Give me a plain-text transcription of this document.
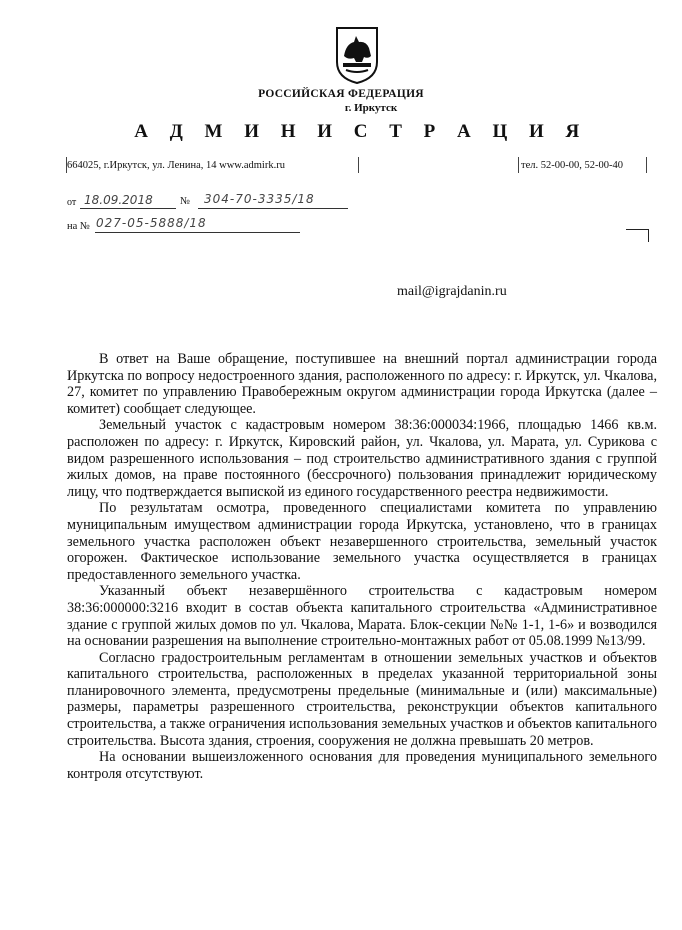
РОССИЙСКАЯ ФЕДЕРАЦИЯ
г. Иркутск
А Д М И Н И С Т Р А Ц И Я
664025, г.Иркутск, ул. Ленина, 14 www.admirk.ru	тел. 52-00-00, 52-00-40
от 18.09.2018	№ 304-70-3335/18
на № 027-05-5888/18
mail@igrajdanin.ru

В ответ на Ваше обращение, поступившее на внешний портал администрации города Иркутска по вопросу недостроенного здания, расположенного по адресу: г. Иркутск, ул. Чкалова, 27, комитет по управлению Правобережным округом администрации города Иркутска (далее – комитет) сообщает следующее.

Земельный участок с кадастровым номером 38:36:000034:1966, площадью 1466 кв.м. расположен по адресу: г. Иркутск, Кировский район, ул. Чкалова, ул. Марата, ул. Сурикова с видом разрешенного использования – под строительство административного здания с группой жилых домов, на праве постоянного (бессрочного) пользования принадлежит юридическому лицу, что подтверждается выпиской из единого государственного реестра недвижимости.

По результатам осмотра, проведенного специалистами комитета по управлению муниципальным имуществом администрации города Иркутска, установлено, что в границах земельного участка расположен объект незавершенного строительства, земельный участок огорожен. Фактическое использование земельного участка осуществляется в границах предоставленного земельного участка.

Указанный объект незавершённого строительства с кадастровым номером 38:36:000000:3216 входит в состав объекта капитального строительства «Административное здание с группой жилых домов по ул. Чкалова, Марата. Блок-секции №№ 1-1, 1-6» и возводился на основании разрешения на выполнение строительно-монтажных работ от 05.08.1999 №13/99.

Согласно градостроительным регламентам в отношении земельных участков и объектов капитального строительства, расположенных в пределах указанной территориальной зоны планировочного элемента, предусмотрены предельные (минимальные и (или) максимальные) размеры, параметры разрешенного строительства, реконструкции объектов капитального строительства, а также ограничения использования земельных участков и объектов капитального строительства. Высота здания, строения, сооружения не должна превышать 20 метров.

На основании вышеизложенного основания для проведения муниципального земельного контроля отсутствуют.
